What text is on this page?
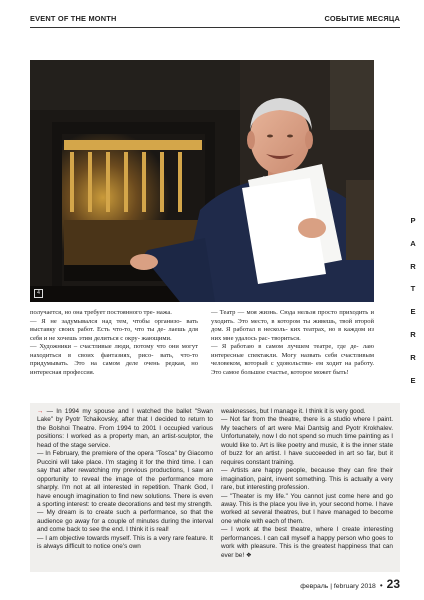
EVENT OF THE MONTH	СОБЫТИЕ МЕСЯЦА
4
P
A
R
T
E
R
R
E

получается, но она требует постоянного тре- нажа.

— Я не задумывался над тем, чтобы организо- вать выставку своих работ. Есть что-то, что ты де- лаешь для себя и не хочешь этим делиться с окру- жающими.

— Художники – счастливые люди, потому что они могут находиться в своих фантазиях, рисо- вать, что-то придумывать. Это на самом деле очень редкая, но интересная профессия.

— Театр — моя жизнь. Сюда нельзя просто приходить и уходить. Это место, в котором ты живешь, твой второй дом. Я работал в несколь- ких театрах, но в каждом из них мне удалось рас- твориться.

— Я работаю в самом лучшем театре, где де- лаю интересные спектакли. Могу назвать себя счастливым человеком, который с удовольстви- ем ходит на работу. Это самое большое счастье, которое может быть!

→ — In 1994 my spouse and I watched the ballet "Swan Lake" by Pyotr Tchaikovsky, after that I decided to return to the Bolshoi Theatre. From 1994 to 2001 I occupied various positions: I worked as a property man, an artist-sculptor, the head of the stage service.

— In February, the premiere of the opera "Tosca" by Giacomo Puccini will take place. I'm staging it for the third time. I can say that after rewatching my previous productions, I saw an opportunity to reveal the image of the performance more sharply. I'm not at all interested in repetition. Thank God, I have enough imagination to find new solutions. There is even a sporting interest: to create decorations and test my strength.

— My dream is to create such a performance, so that the audience go away for a couple of minutes during the interval and come back to see the end. I think it is real!

— I am objective towards myself. This is a very rare feature. It is always difficult to notice one's own

weaknesses, but I manage it. I think it is very good.

— Not far from the theatre, there is a studio where I paint. My teachers of art were Mai Dantsig and Pyotr Krokhalev. Unfortunately, now I do not spend so much time painting as I would like to. Art is like poetry and music, it is the inner state of buzz for an artist. I have succeeded in art so far, but it requires constant training.

— Artists are happy people, because they can fire their imagination, paint, invent something. This is actually a very rare, but interesting profession.

— "Theater is my life." You cannot just come here and go away. This is the place you live in, your second home. I have worked at several theatres, but I have managed to become one whole with each of them.

— I work at the best theatre, where I create interesting performances. I can call myself a happy person who goes to work with pleasure. This is the greatest happiness that can ever be! ❖

февраль | february 2018 • 23
